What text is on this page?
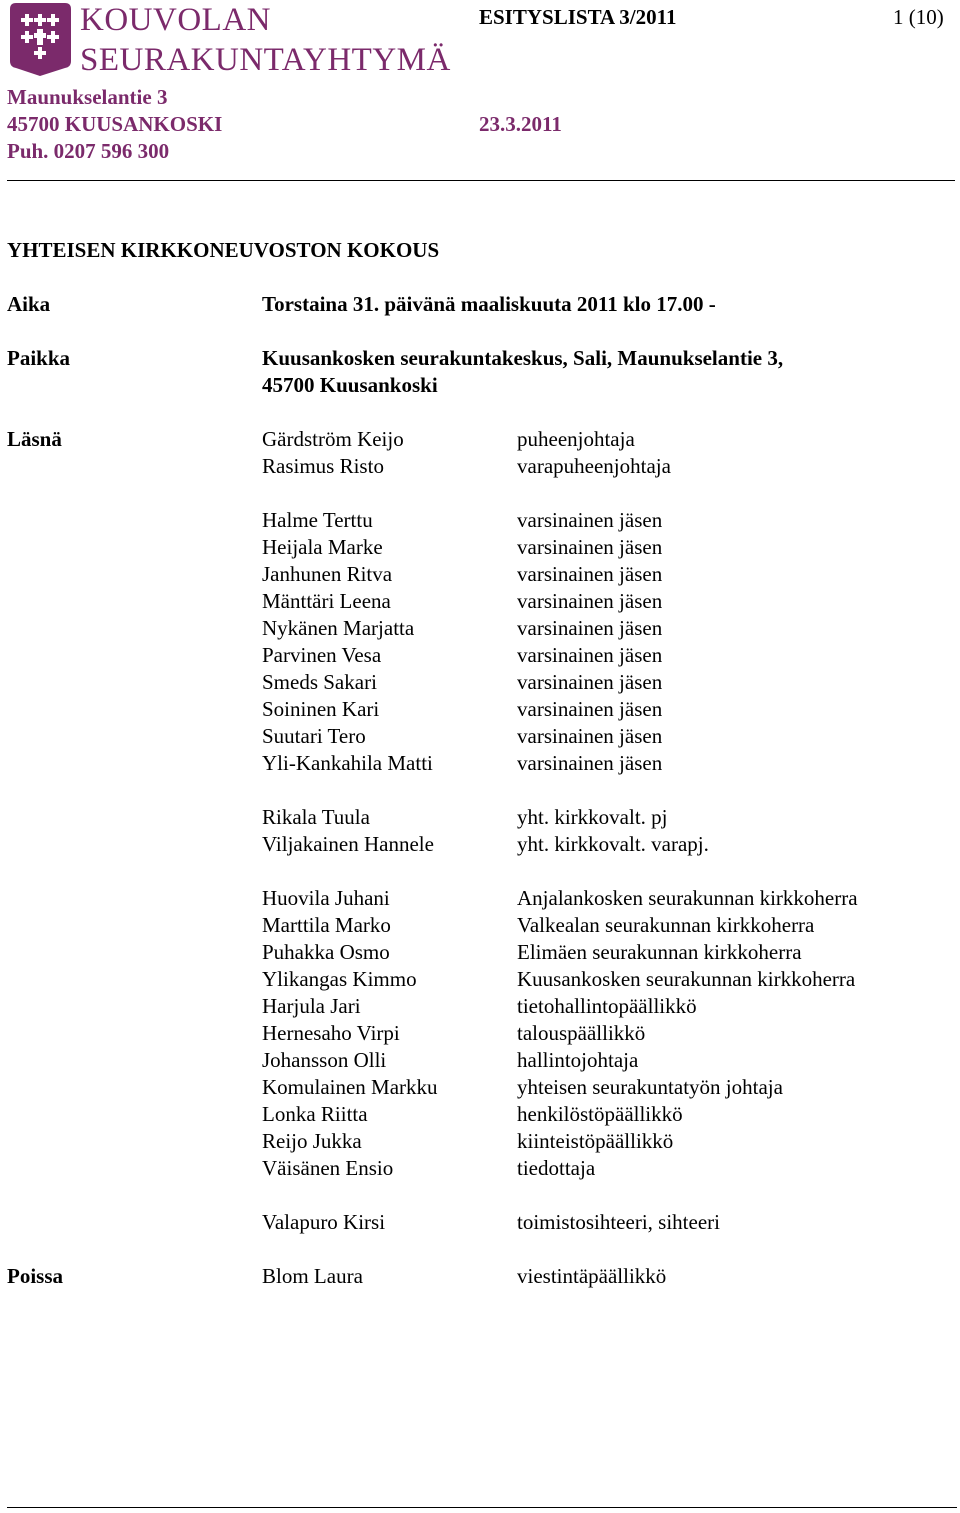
KOUVOLAN
SEURAKUNTAYHTYMÄ
ESITYSLISTA 3/2011	1 (10)
Maunukselantie 3
45700 KUUSANKOSKI
Puh. 0207 596 300
23.3.2011
YHTEISEN KIRKKONEUVOSTON KOKOUS
Aika	Torstaina 31. päivänä maaliskuuta 2011 klo 17.00 -
Paikka	Kuusankosken seurakuntakeskus, Sali, Maunukselantie 3,
45700 Kuusankoski
Läsnä	Gärdström Keijo	puheenjohtaja
Rasimus Risto	varapuheenjohtaja
Halme Terttu	varsinainen jäsen
Heijala Marke	varsinainen jäsen
Janhunen Ritva	varsinainen jäsen
Mänttäri Leena	varsinainen jäsen
Nykänen Marjatta	varsinainen jäsen
Parvinen Vesa	varsinainen jäsen
Smeds Sakari	varsinainen jäsen
Soininen Kari	varsinainen jäsen
Suutari Tero	varsinainen jäsen
Yli-Kankahila Matti	varsinainen jäsen
Rikala Tuula	yht. kirkkovalt. pj
Viljakainen Hannele	yht. kirkkovalt. varapj.
Huovila Juhani	Anjalankosken seurakunnan kirkkoherra
Marttila Marko	Valkealan seurakunnan kirkkoherra
Puhakka Osmo	Elimäen seurakunnan kirkkoherra
Ylikangas Kimmo	Kuusankosken seurakunnan kirkkoherra
Harjula Jari	tietohallintopäällikkö
Hernesaho Virpi	talouspäällikkö
Johansson Olli	hallintojohtaja
Komulainen Markku	yhteisen seurakuntatyön johtaja
Lonka Riitta	henkilöstöpäällikkö
Reijo Jukka	kiinteistöpäällikkö
Väisänen Ensio	tiedottaja
Valapuro Kirsi	toimistosihteeri, sihteeri
Poissa	Blom Laura	viestintäpäällikkö
